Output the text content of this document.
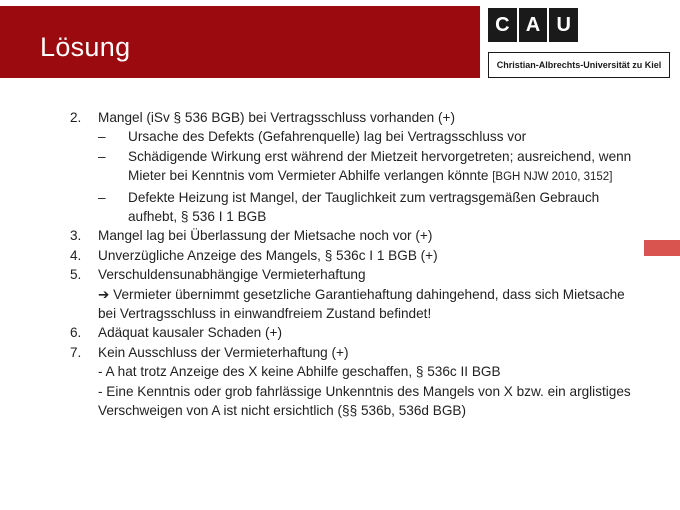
Lösung
C A U
Christian-Albrechts-Universität zu Kiel
2.	Mangel (iSv § 536 BGB) bei Vertragsschluss vorhanden (+)
– Ursache des Defekts (Gefahrenquelle) lag bei Vertragsschluss vor
– Schädigende Wirkung erst während der Mietzeit hervorgetreten; ausreichend, wenn Mieter bei Kenntnis vom Vermieter Abhilfe verlangen könnte [BGH NJW 2010, 3152]
– Defekte Heizung ist Mangel, der Tauglichkeit zum vertragsgemäßen Gebrauch aufhebt, § 536 I 1 BGB
3.	Mangel lag bei Überlassung der Mietsache noch vor (+)
4.	Unverzügliche Anzeige des Mangels, § 536c I 1 BGB (+)
5.	Verschuldensunabhängige Vermieterhaftung
➔ Vermieter übernimmt gesetzliche Garantiehaftung dahingehend, dass sich Mietsache bei Vertragsschluss in einwandfreiem Zustand befindet!
6.	Adäquat kausaler Schaden (+)
7.	Kein Ausschluss der Vermieterhaftung (+)
- A hat trotz Anzeige des X keine Abhilfe geschaffen, § 536c II BGB
- Eine Kenntnis oder grob fahrlässige Unkenntnis des Mangels von X bzw. ein arglistiges Verschweigen von A ist nicht ersichtlich (§§ 536b, 536d BGB)
